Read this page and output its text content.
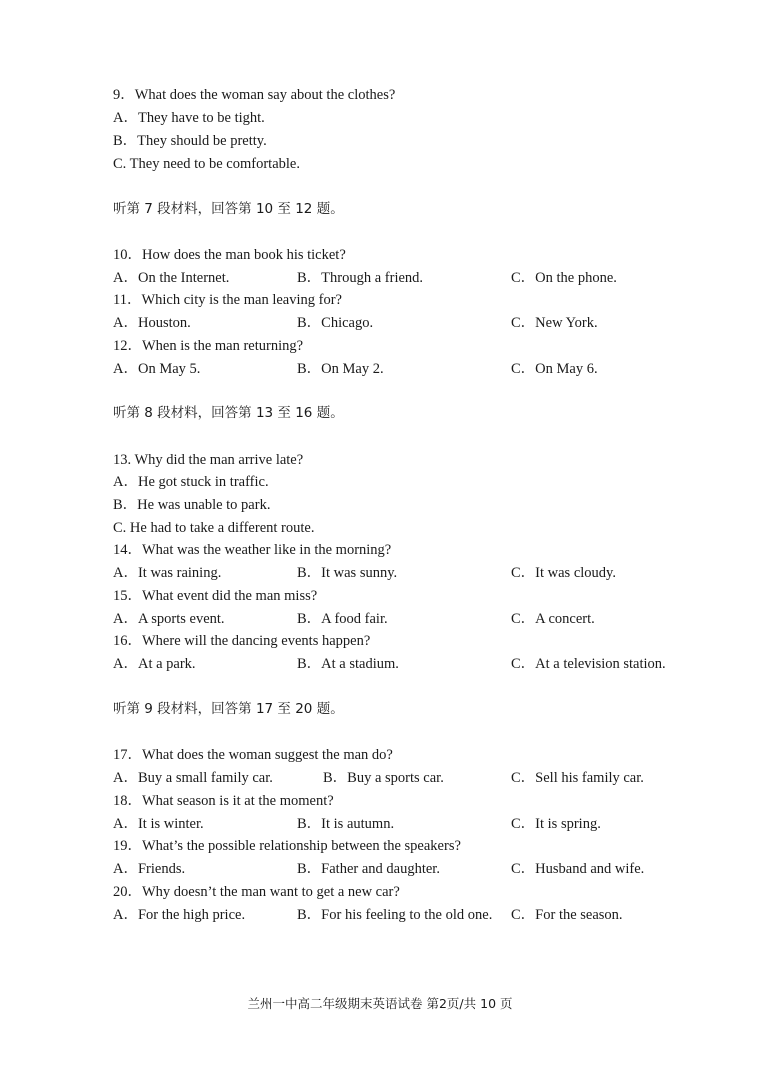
9．What does the woman say about the clothes?
A．They have to be tight.
B．They should be pretty.
C. They need to be comfortable.
听第 7 段材料，回答第 10 至 12 题。
10．How does the man book his ticket?
A．On the Internet.	B．Through a friend.	C．On the phone.
11．Which city is the man leaving for?
A．Houston.	B．Chicago.	C．New York.
12．When is the man returning?
A．On May 5.	B．On May 2.	C．On May 6.
听第 8 段材料，回答第 13 至 16 题。
13. Why did the man arrive late?
A．He got stuck in traffic.
B．He was unable to park.
C. He had to take a different route.
14．What was the weather like in the morning?
A．It was raining.	B．It was sunny.	C．It was cloudy.
15．What event did the man miss?
A．A sports event.	B．A food fair.	C．A concert.
16．Where will the dancing events happen?
A．At a park.	B．At a stadium.	C．At a television station.
听第 9 段材料，回答第 17 至 20 题。
17．What does the woman suggest the man do?
A．Buy a small family car.	B．Buy a sports car.	C．Sell his family car.
18．What season is it at the moment?
A．It is winter.	B．It is autumn.	C．It is spring.
19．What’s the possible relationship between the speakers?
A．Friends.	B．Father and daughter.	C．Husband and wife.
20．Why doesn’t the man want to get a new car?
A．For the high price.	B．For his feeling to the old one. C．For the season.
兰州一中高二年级期末英语试卷 第2页/共 10 页
